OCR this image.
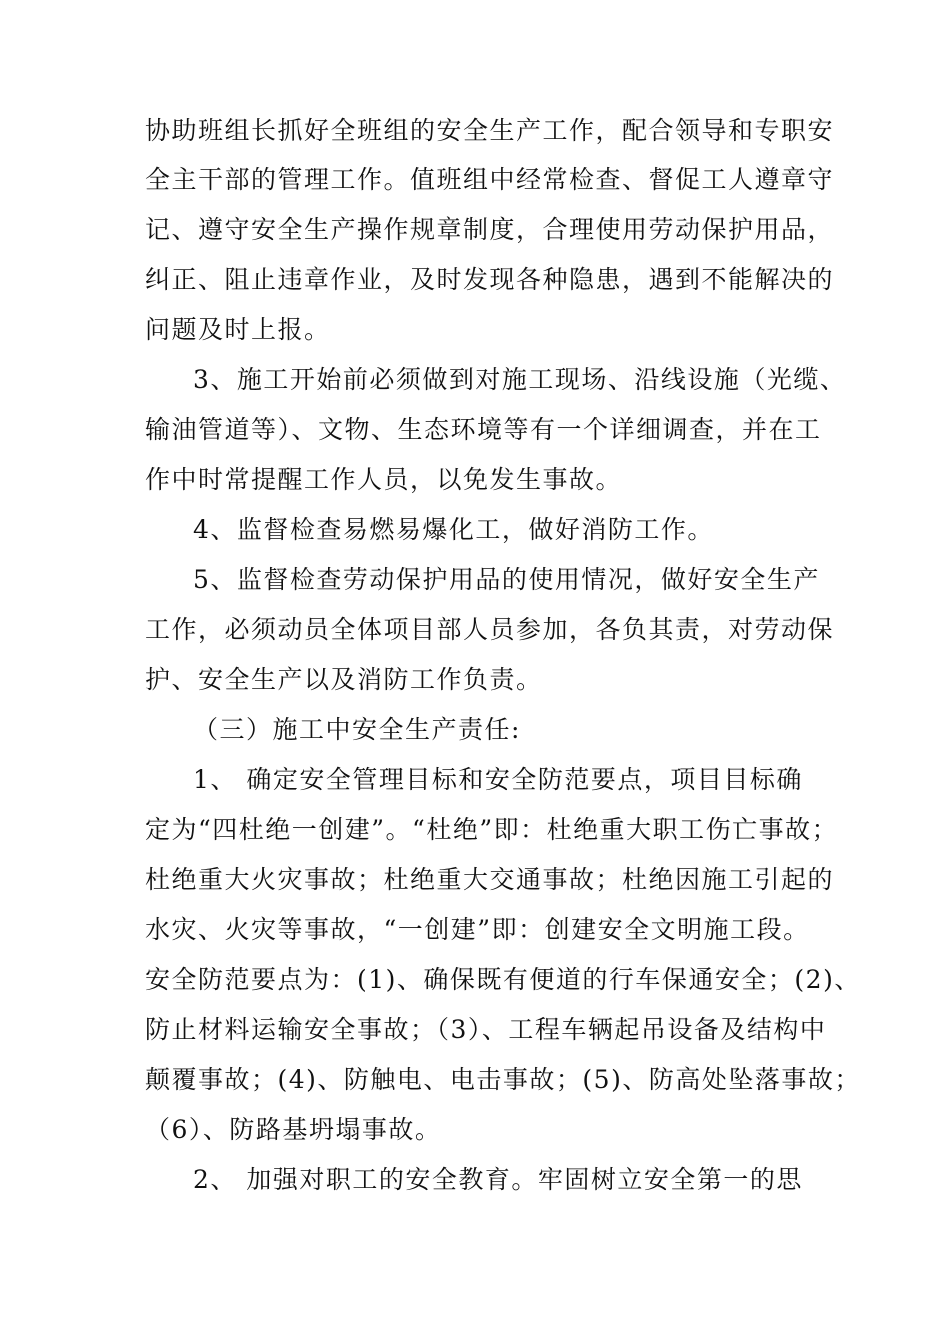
协助班组长抓好全班组的安全生产工作，配合领导和专职安
全主干部的管理工作。值班组中经常检查、督促工人遵章守
记、遵守安全生产操作规章制度，合理使用劳动保护用品，
纠正、阻止违章作业，及时发现各种隐患，遇到不能解决的
问题及时上报。
3、施工开始前必须做到对施工现场、沿线设施（光缆、
输油管道等）、文物、生态环境等有一个详细调查，并在工
作中时常提醒工作人员，以免发生事故。
4、监督检查易燃易爆化工，做好消防工作。
5、监督检查劳动保护用品的使用情况，做好安全生产
工作，必须动员全体项目部人员参加，各负其责，对劳动保
护、安全生产以及消防工作负责。
（三）施工中安全生产责任:
1、 确定安全管理目标和安全防范要点，项目目标确
定为“四杜绝一创建”。“杜绝”即：杜绝重大职工伤亡事故；
杜绝重大火灾事故；杜绝重大交通事故；杜绝因施工引起的
水灾、火灾等事故，“一创建”即：创建安全文明施工段。
安全防范要点为：(1)、确保既有便道的行车保通安全；(2)、
防止材料运输安全事故；（3）、工程车辆起吊设备及结构中
颠覆事故；(4)、防触电、电击事故；(5)、防高处坠落事故；
（6）、防路基坍塌事故。
2、 加强对职工的安全教育。牢固树立安全第一的思
